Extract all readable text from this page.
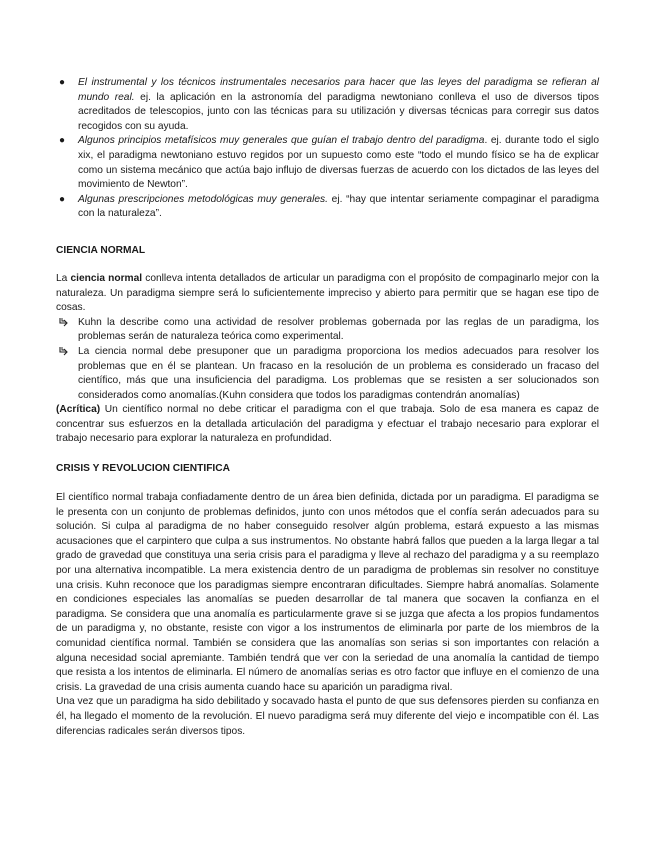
● El instrumental y los técnicos instrumentales necesarios para hacer que las leyes del paradigma se refieran al mundo real. ej. la aplicación en la astronomía del paradigma newtoniano conlleva el uso de diversos tipos acreditados de telescopios, junto con las técnicas para su utilización y diversas técnicas para corregir sus datos recogidos con su ayuda.
● Algunos principios metafísicos muy generales que guían el trabajo dentro del paradigma. ej. durante todo el siglo xix, el paradigma newtoniano estuvo regidos por un supuesto como este “todo el mundo físico se ha de explicar como un sistema mecánico que actúa bajo influjo de diversas fuerzas de acuerdo con los dictados de las leyes del movimiento de Newton”.
● Algunas prescripciones metodológicas muy generales. ej. “hay que intentar seriamente compaginar el paradigma con la naturaleza”.
CIENCIA NORMAL

La ciencia normal conlleva intenta detallados de articular un paradigma con el propósito de compaginarlo mejor con la naturaleza. Un paradigma siempre será lo suficientemente impreciso y abierto para permitir que se hagan ese tipo de cosas.

Kuhn la describe como una actividad de resolver problemas gobernada por las reglas de un paradigma, los problemas serán de naturaleza teórica como experimental.
La ciencia normal debe presuponer que un paradigma proporciona los medios adecuados para resolver los problemas que en él se plantean. Un fracaso en la resolución de un problema es considerado un fracaso del científico, más que una insuficiencia del paradigma. Los problemas que se resisten a ser solucionados son considerados como anomalías.(Kuhn considera que todos los paradigmas contendrán anomalías)

(Acrítica) Un científico normal no debe criticar el paradigma con el que trabaja. Solo de esa manera es capaz de concentrar sus esfuerzos en la detallada articulación del paradigma y efectuar el trabajo necesario para explorar el trabajo necesario para explorar la naturaleza en profundidad.

CRISIS Y REVOLUCION CIENTIFICA

El científico normal trabaja confiadamente dentro de un área bien definida, dictada por un paradigma. El paradigma se le presenta con un conjunto de problemas definidos, junto con unos métodos que el confía serán adecuados para su solución. Si culpa al paradigma de no haber conseguido resolver algún problema, estará expuesto a las mismas acusaciones que el carpintero que culpa a sus instrumentos. No obstante habrá fallos que pueden a la larga llegar a tal grado de gravedad que constituya una seria crisis para el paradigma y lleve al rechazo del paradigma y a su reemplazo por una alternativa incompatible. La mera existencia dentro de un paradigma de problemas sin resolver no constituye una crisis. Kuhn reconoce que los paradigmas siempre encontraran dificultades. Siempre habrá anomalías. Solamente en condiciones especiales las anomalías se pueden desarrollar de tal manera que socaven la confianza en el paradigma. Se considera que una anomalía es particularmente grave si se juzga que afecta a los propios fundamentos de un paradigma y, no obstante, resiste con vigor a los instrumentos de eliminarla por parte de los miembros de la comunidad científica normal. También se considera que las anomalías son serias si son importantes con relación a alguna necesidad social apremiante. También tendrá que ver con la seriedad de una anomalía la cantidad de tiempo que resista a los intentos de eliminarla. El número de anomalías serias es otro factor que influye en el comienzo de una crisis. La gravedad de una crisis aumenta cuando hace su aparición un paradigma rival.

Una vez que un paradigma ha sido debilitado y socavado hasta el punto de que sus defensores pierden su confianza en él, ha llegado el momento de la revolución. El nuevo paradigma será muy diferente del viejo e incompatible con él. Las diferencias radicales serán diversos tipos.
